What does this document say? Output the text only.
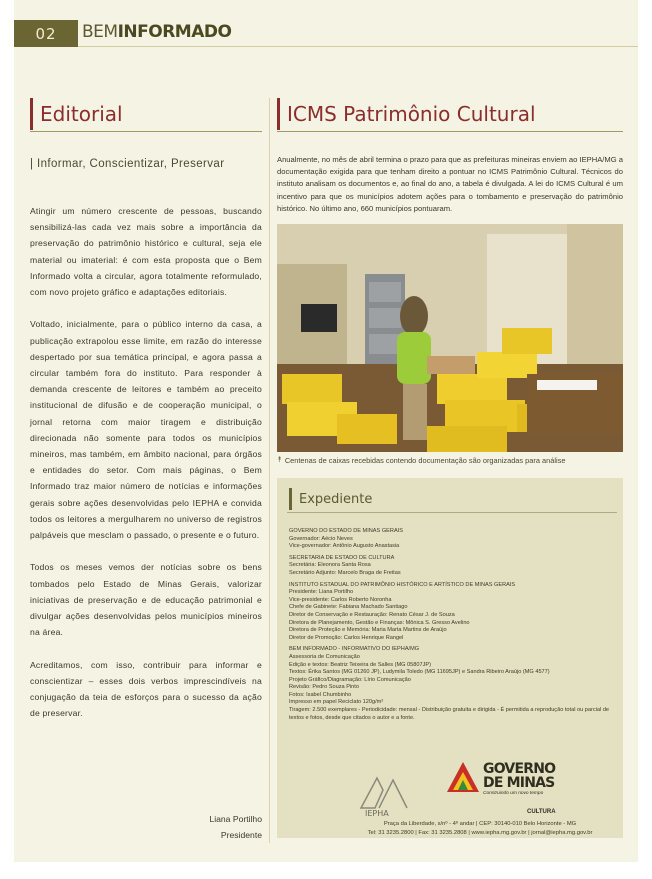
02	BEMINFORMADO
Editorial
| Informar, Conscientizar, Preservar

Atingir um número crescente de pessoas, buscando sensibilizá-las cada vez mais sobre a importância da preservação do patrimônio histórico e cultural, seja ele material ou imaterial: é com esta proposta que o Bem Informado volta a circular, agora totalmente reformulado, com novo projeto gráfico e adaptações editoriais.

Voltado, inicialmente, para o público interno da casa, a publicação extrapolou esse limite, em razão do interesse despertado por sua temática principal, e agora passa a circular também fora do instituto. Para responder à demanda crescente de leitores e também ao preceito institucional de difusão e de cooperação municipal, o jornal retorna com maior tiragem e distribuição direcionada não somente para todos os municípios mineiros, mas também, em âmbito nacional, para órgãos e entidades do setor. Com mais páginas, o Bem Informado traz maior número de notícias e informações gerais sobre ações desenvolvidas pelo IEPHA e convida todos os leitores a mergulharem no universo de registros palpáveis que mesclam o passado, o presente e o futuro.

Todos os meses vemos der notícias sobre os bens tombados pelo Estado de Minas Gerais, valorizar iniciativas de preservação e de educação patrimonial e divulgar ações desenvolvidas pelos municípios mineiros na área.

Acreditamos, com isso, contribuir para informar e conscientizar – esses dois verbos imprescindíveis na conjugação da teia de esforços para o sucesso da ação de preservar.

Liana Portilho
Presidente
ICMS Patrimônio Cultural
Anualmente, no mês de abril termina o prazo para que as prefeituras mineiras enviem ao IEPHA/MG a documentação exigida para que tenham direito a pontuar no ICMS Patrimônio Cultural. Técnicos do instituto analisam os documentos e, ao final do ano, a tabela é divulgada. A lei do ICMS Cultural é um incentivo para que os municípios adotem ações para o tombamento e preservação do patrimônio histórico. No último ano, 660 municípios pontuaram.
⯭ Centenas de caixas recebidas contendo documentação são organizadas para análise
Expediente
GOVERNO DO ESTADO DE MINAS GERAIS
Governador: Aécio Neves
Vice-governador: Antônio Augusto Anastasia
SECRETARIA DE ESTADO DE CULTURA
Secretária: Eleonora Santa Rosa
Secretário Adjunto: Marcelo Braga de Freitas
INSTITUTO ESTADUAL DO PATRIMÔNIO HISTÓRICO E ARTÍSTICO DE MINAS GERAIS
Presidente: Liana Portilho
Vice-presidente: Carlos Roberto Noronha
Chefe de Gabinete: Fabiana Machado Santiago
Diretor de Conservação e Restauração: Renato César J. de Souza
Diretora de Planejamento, Gestão e Finanças: Mônica S. Gresso Avelino
Diretora de Proteção e Memória: Maria Marta Martins de Araújo
Diretor de Promoção: Carlos Henrique Rangel
BEM INFORMADO - INFORMATIVO DO IEPHA/MG
Assessoria de Comunicação
Edição e textos: Beatriz Teixeira de Salles (MG 05807JP)
Textos: Érika Santos (MG 01260 JP), Ludymila Toledo (MG 11695JP) e Sandra Ribeiro Araújo (MG 4577)
Projeto Gráfico/Diagramação: Lírio Comunicação
Revisão: Pedro Souza Pinto
Fotos: Isabel Chumbinho
Impresso em papel Reciclato 120g/m²
Tiragem: 2.500 exemplares - Periodicidade: mensal - Distribuição gratuita e dirigida - É permitida a reprodução total ou parcial de textos e fotos, desde que citados o autor e a fonte.
IEPHA
GOVERNO
DE MINAS
Construindo um novo tempo
CULTURA
Praça da Liberdade, s/nº - 4º andar | CEP: 30140-010 Belo Horizonte - MG
Tel: 31 3235.2800 | Fax: 31 3235.2808 | www.iepha.mg.gov.br | jornal@iepha.mg.gov.br
